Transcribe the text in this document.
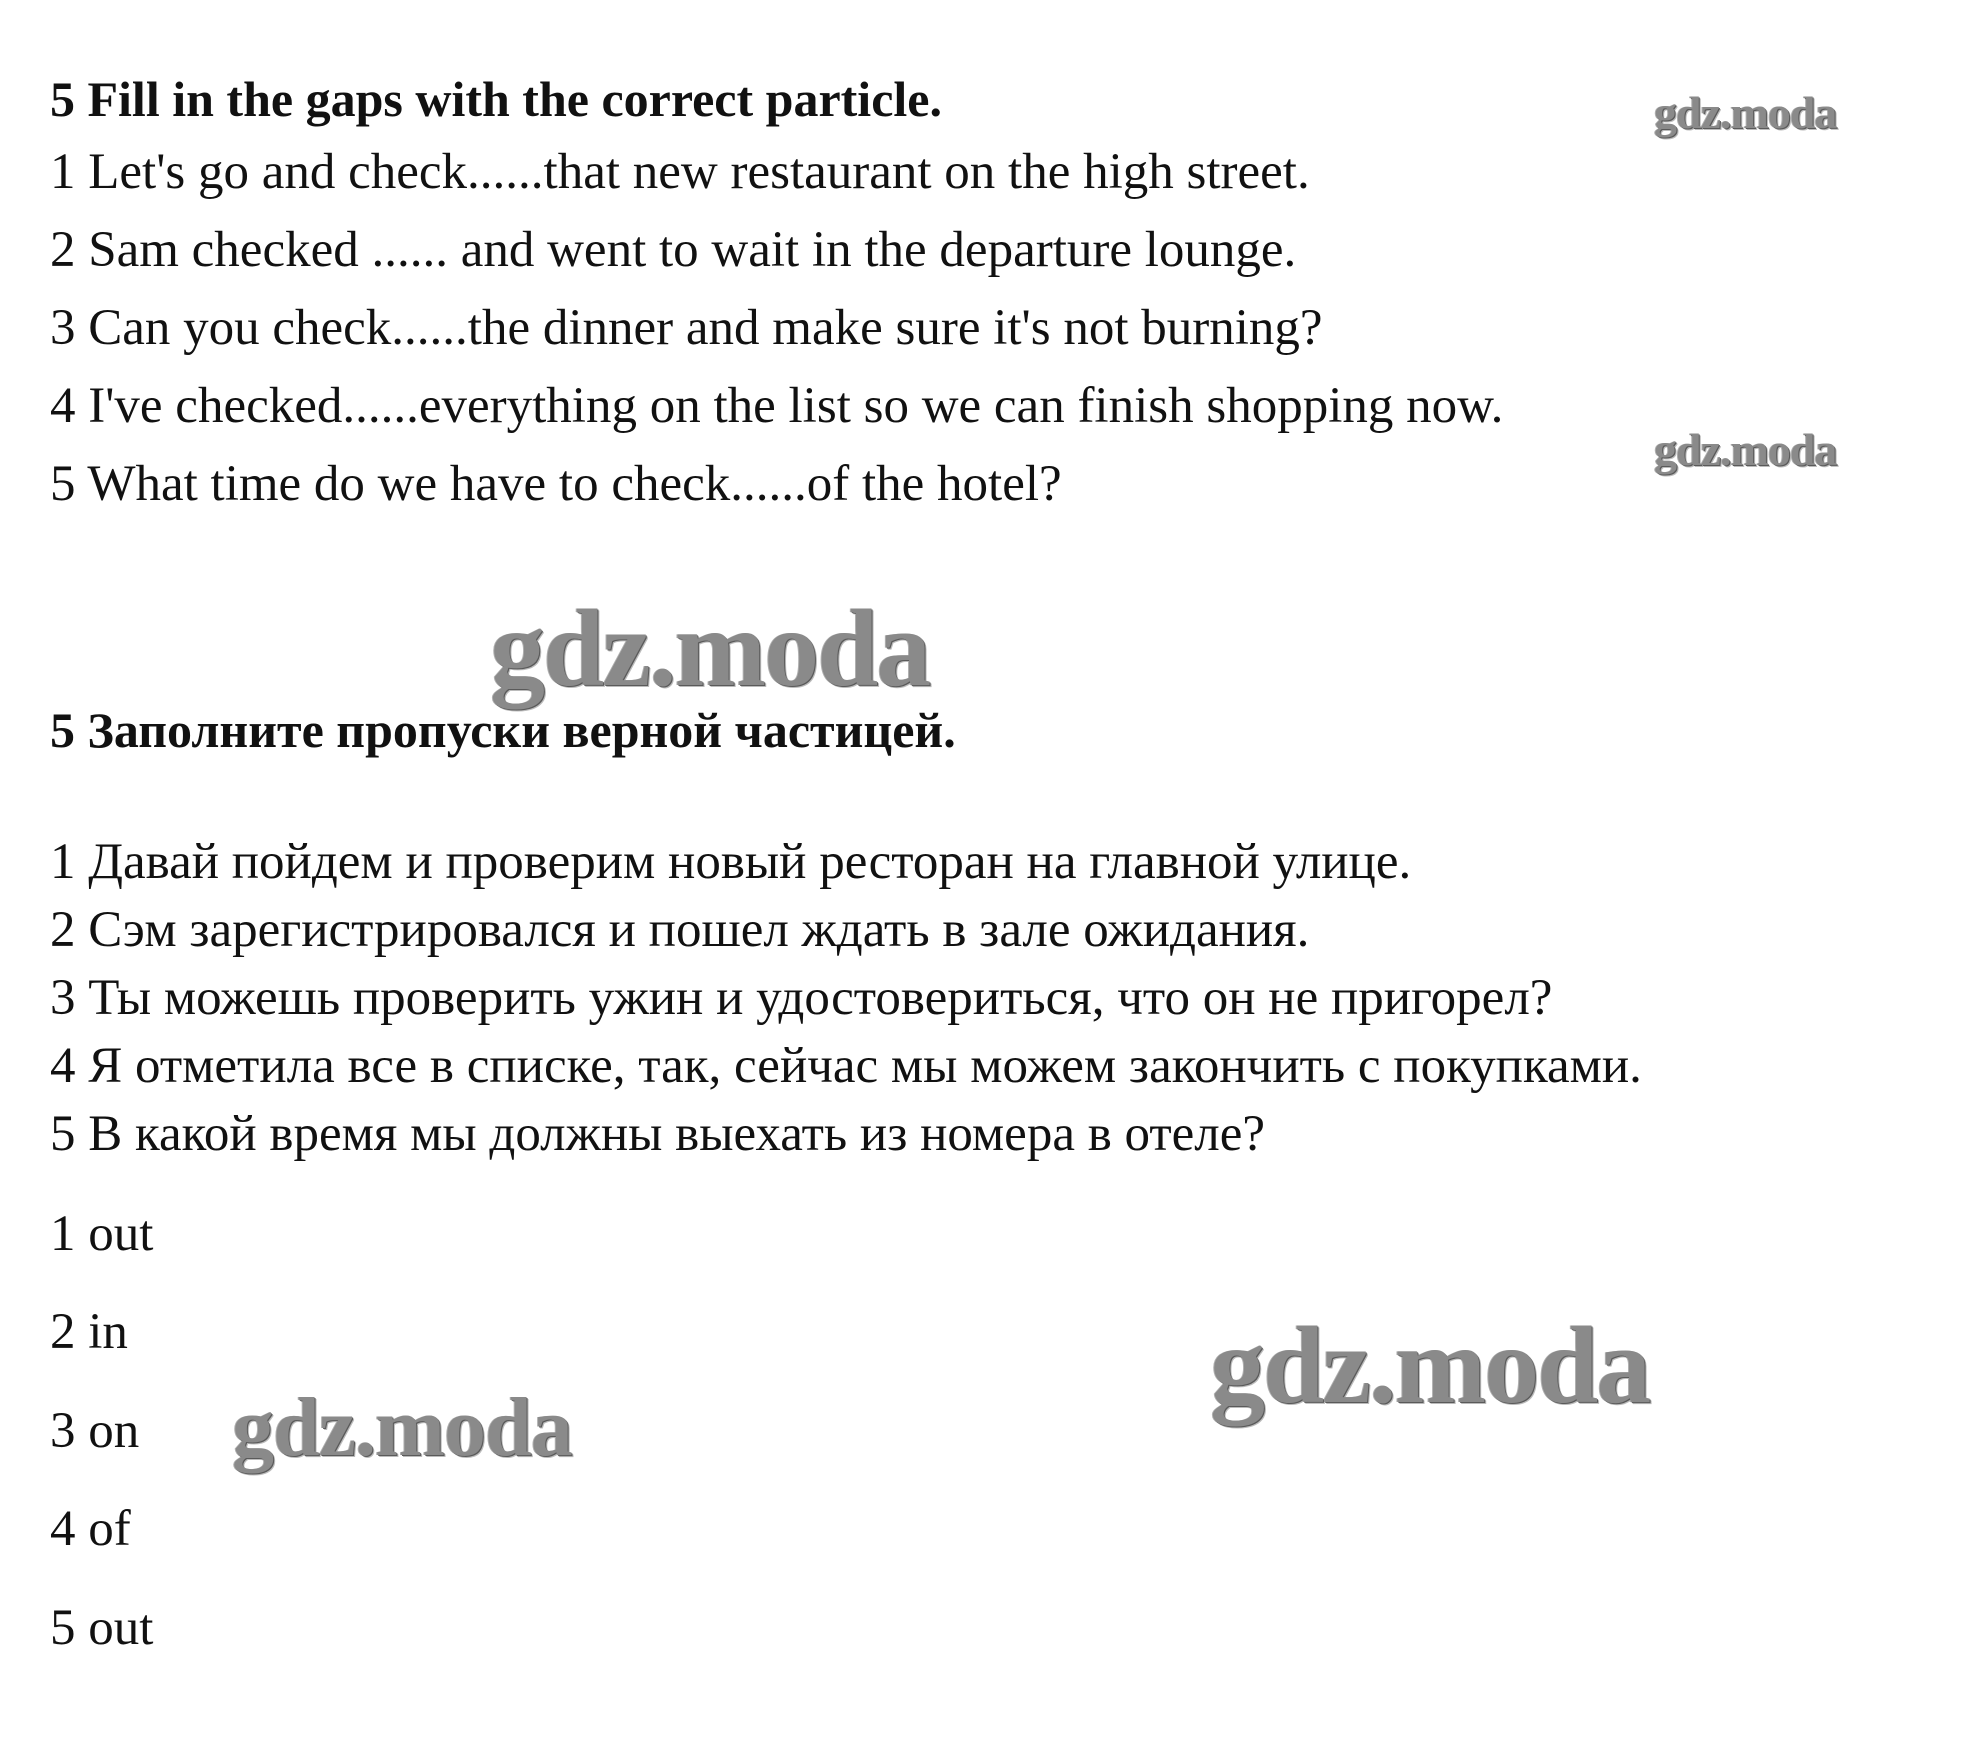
5 Fill in the gaps with the correct particle.
1 Let's go and check......that new restaurant on the high street.
2 Sam checked ...... and went to wait in the departure lounge.
3 Can you check......the dinner and make sure it's not burning?
4 I've checked......everything on the list so we can finish shopping now.
5 What time do we have to check......of the hotel?
5 Заполните пропуски верной частицей.
1 Давай пойдем и проверим новый ресторан на главной улице.
2 Сэм зарегистрировался и пошел ждать в зале ожидания.
3 Ты можешь проверить ужин и удостовериться, что он не пригорел?
4 Я отметила все в списке, так, сейчас мы можем закончить с покупками.
5 В какой время мы должны выехать из номера в отеле?
1 out
2 in
3 on
4 of
5 out
gdz.moda
gdz.moda
gdz.moda
gdz.moda
gdz.moda
